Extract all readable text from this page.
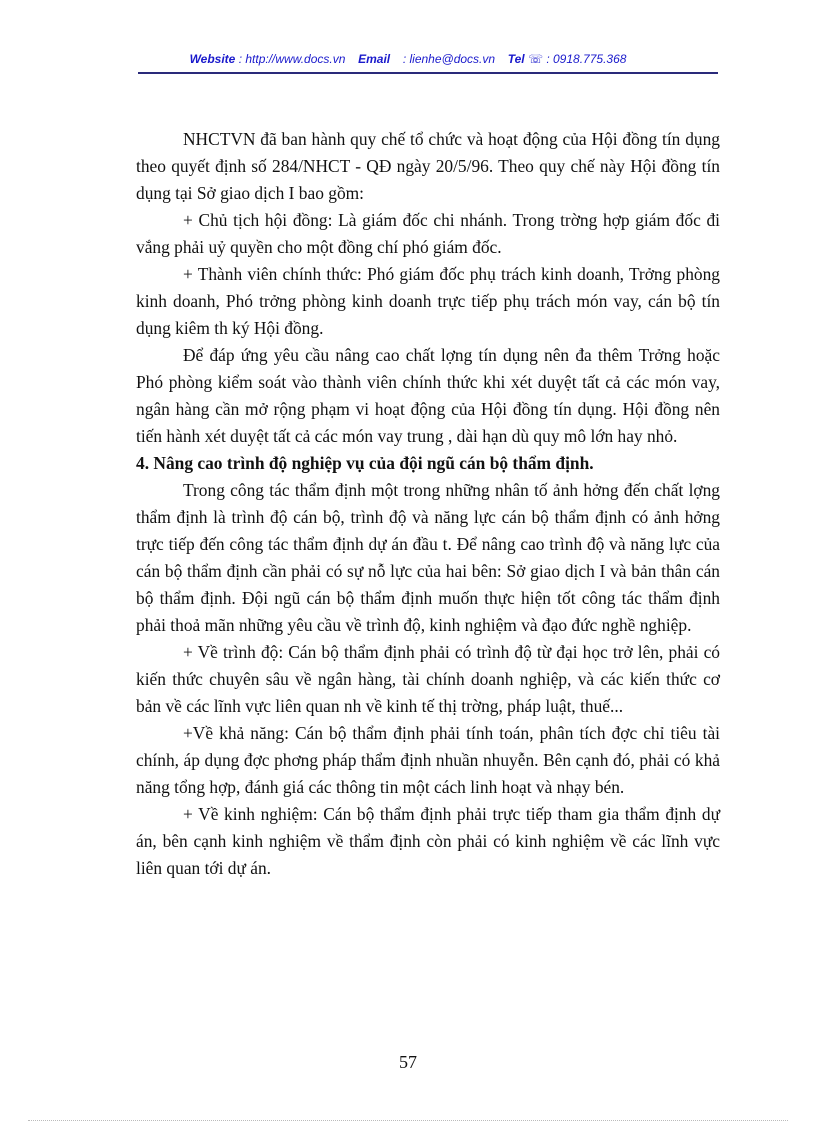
Website : http://www.docs.vn Email : lienhe@docs.vn Tel ☏ : 0918.775.368

NHCTVN đã ban hành quy chế tổ chức và hoạt động của Hội đồng tín dụng theo quyết định số 284/NHCT - QĐ ngày 20/5/96. Theo quy chế này Hội đồng tín dụng tại Sở giao dịch I bao gồm:

+ Chủ tịch hội đồng: Là giám đốc chi nhánh. Trong trờng hợp giám đốc đi vắng phải uỷ quyền cho một đồng chí phó giám đốc.

+ Thành viên chính thức: Phó giám đốc phụ trách kinh doanh, Trởng phòng kinh doanh, Phó trởng phòng kinh doanh trực tiếp phụ trách món vay, cán bộ tín dụng kiêm th ký Hội đồng.

Để đáp ứng yêu cầu nâng cao chất lợng tín dụng nên đa thêm Trởng hoặc Phó phòng kiểm soát vào thành viên chính thức khi xét duyệt tất cả các món vay, ngân hàng cần mở rộng phạm vi hoạt động của Hội đồng tín dụng. Hội đồng nên tiến hành xét duyệt tất cả các món vay trung , dài hạn dù quy mô lớn hay nhỏ.

4. Nâng cao trình độ nghiệp vụ của đội ngũ cán bộ thẩm định.

Trong công tác thẩm định một trong những nhân tố ảnh hởng đến chất lợng thẩm định là trình độ cán bộ, trình độ và năng lực cán bộ thẩm định có ảnh hởng trực tiếp đến công tác thẩm định dự án đầu t. Để nâng cao trình độ và năng lực của cán bộ thẩm định cần phải có sự nỗ lực của hai bên: Sở giao dịch I và bản thân cán bộ thẩm định. Đội ngũ cán bộ thẩm định muốn thực hiện tốt công tác thẩm định phải thoả mãn những yêu cầu về trình độ, kinh nghiệm và đạo đức nghề nghiệp.

+ Về trình độ: Cán bộ thẩm định phải có trình độ từ đại học trở lên, phải có kiến thức chuyên sâu về ngân hàng, tài chính doanh nghiệp, và các kiến thức cơ bản về các lĩnh vực liên quan nh về kinh tế thị trờng, pháp luật, thuế...

+Về khả năng: Cán bộ thẩm định phải tính toán, phân tích đợc chỉ tiêu tài chính, áp dụng đợc phơng pháp thẩm định nhuần nhuyễn. Bên cạnh đó, phải có khả năng tổng hợp, đánh giá các thông tin một cách linh hoạt và nhạy bén.

+ Về kinh nghiệm: Cán bộ thẩm định phải trực tiếp tham gia thẩm định dự án, bên cạnh kinh nghiệm về thẩm định còn phải có kinh nghiệm về các lĩnh vực liên quan tới dự án.

57
